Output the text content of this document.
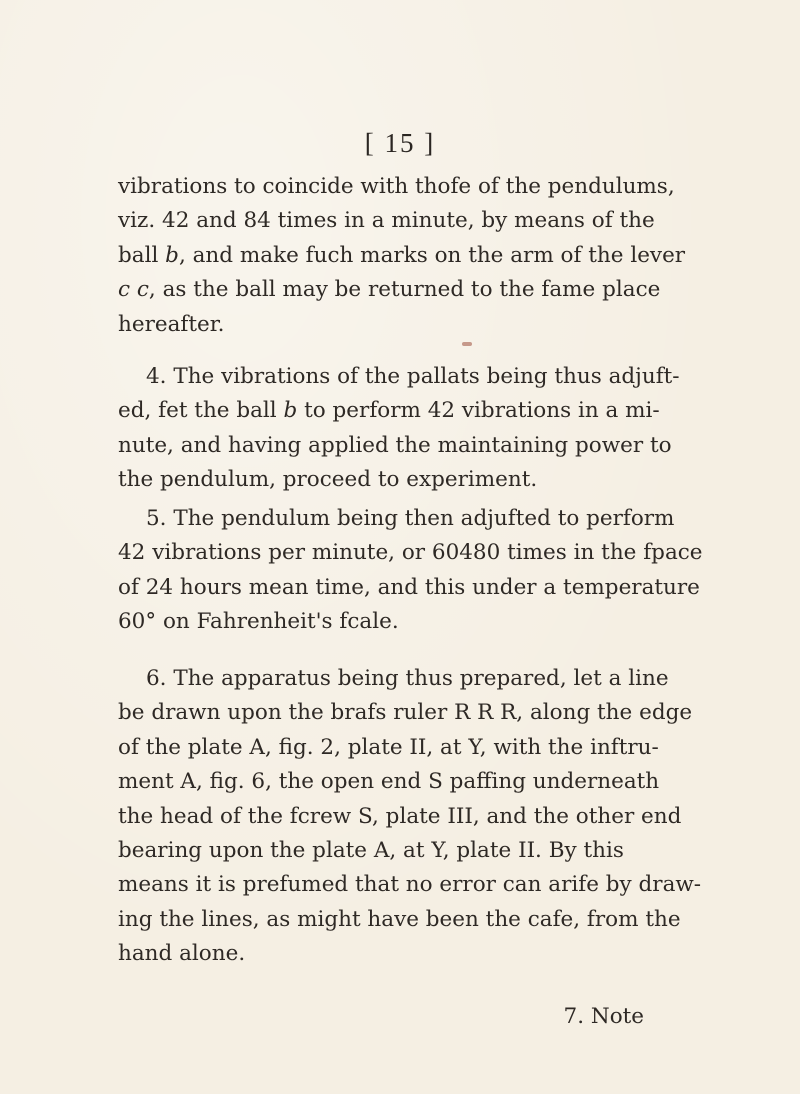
[ 15 ]
vibrations to coincide with thofe of the pendulums,
viz. 42 and 84 times in a minute, by means of the
ball b, and make fuch marks on the arm of the lever
c c, as the ball may be returned to the fame place
hereafter.
4. The vibrations of the pallats being thus adjuft-
ed, fet the ball b to perform 42 vibrations in a mi-
nute, and having applied the maintaining power to
the pendulum, proceed to experiment.
5. The pendulum being then adjufted to perform
42 vibrations per minute, or 60480 times in the fpace
of 24 hours mean time, and this under a temperature
60° on Fahrenheit's fcale.
6. The apparatus being thus prepared, let a line
be drawn upon the brafs ruler R R R, along the edge
of the plate A, fig. 2, plate II, at Y, with the inftru-
ment A, fig. 6, the open end S paffing underneath
the head of the fcrew S, plate III, and the other end
bearing upon the plate A, at Y, plate II. By this
means it is prefumed that no error can arife by draw-
ing the lines, as might have been the cafe, from the
hand alone.
7. Note
